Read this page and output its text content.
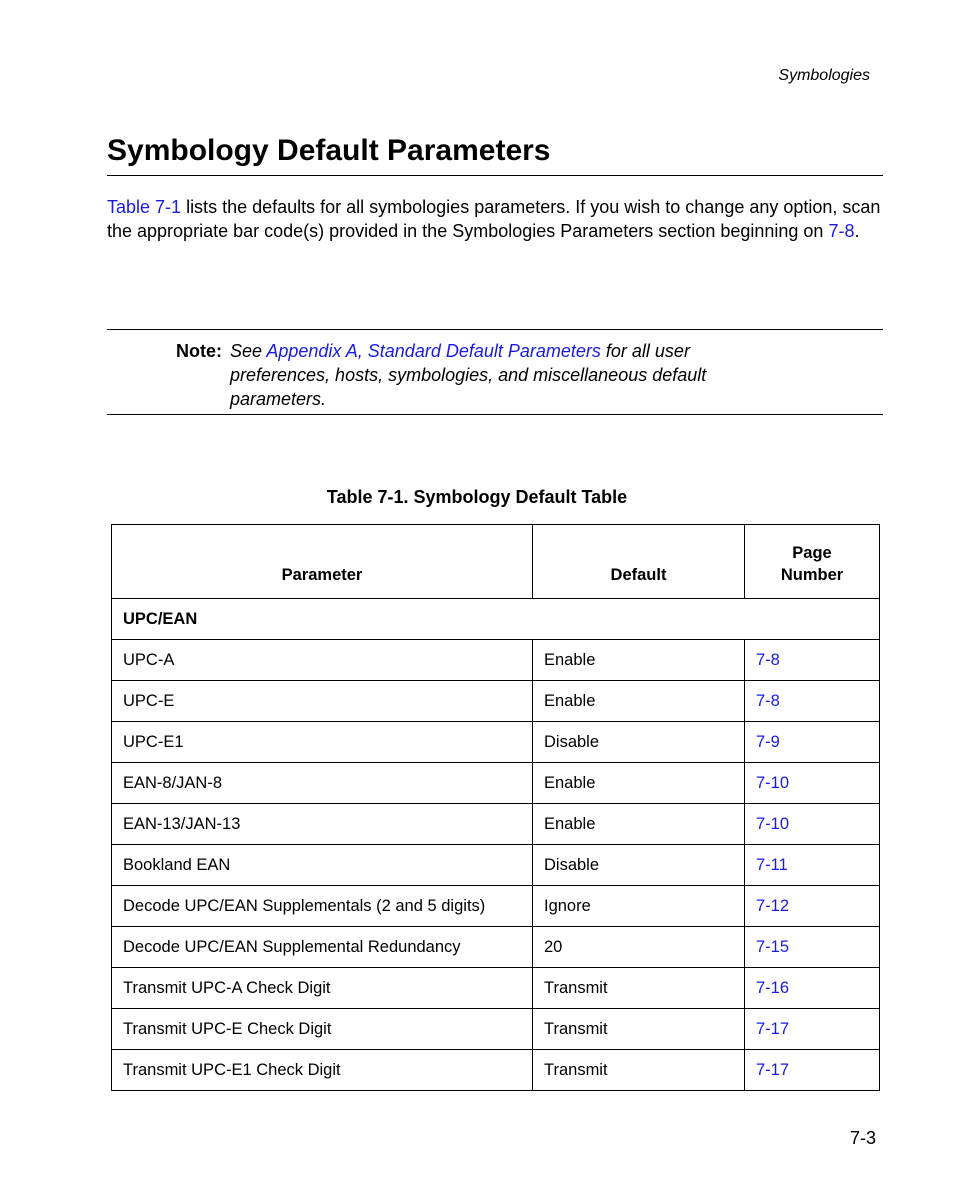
Symbologies
Symbology Default Parameters

Table 7-1 lists the defaults for all symbologies parameters. If you wish to change any option, scan the appropriate bar code(s) provided in the Symbologies Parameters section beginning on 7-8.

Note: See Appendix A, Standard Default Parameters for all user preferences, hosts, symbologies, and miscellaneous default parameters.
Table 7-1. Symbology Default Table
Parameter	Default	Page
Number
UPC/EAN		
UPC-A	Enable	7-8
UPC-E	Enable	7-8
UPC-E1	Disable	7-9
EAN-8/JAN-8	Enable	7-10
EAN-13/JAN-13	Enable	7-10
Bookland EAN	Disable	7-11
Decode UPC/EAN Supplementals (2 and 5 digits)	Ignore	7-12
Decode UPC/EAN Supplemental Redundancy	20	7-15
Transmit UPC-A Check Digit	Transmit	7-16
Transmit UPC-E Check Digit	Transmit	7-17
Transmit UPC-E1 Check Digit	Transmit	7-17
7-3
